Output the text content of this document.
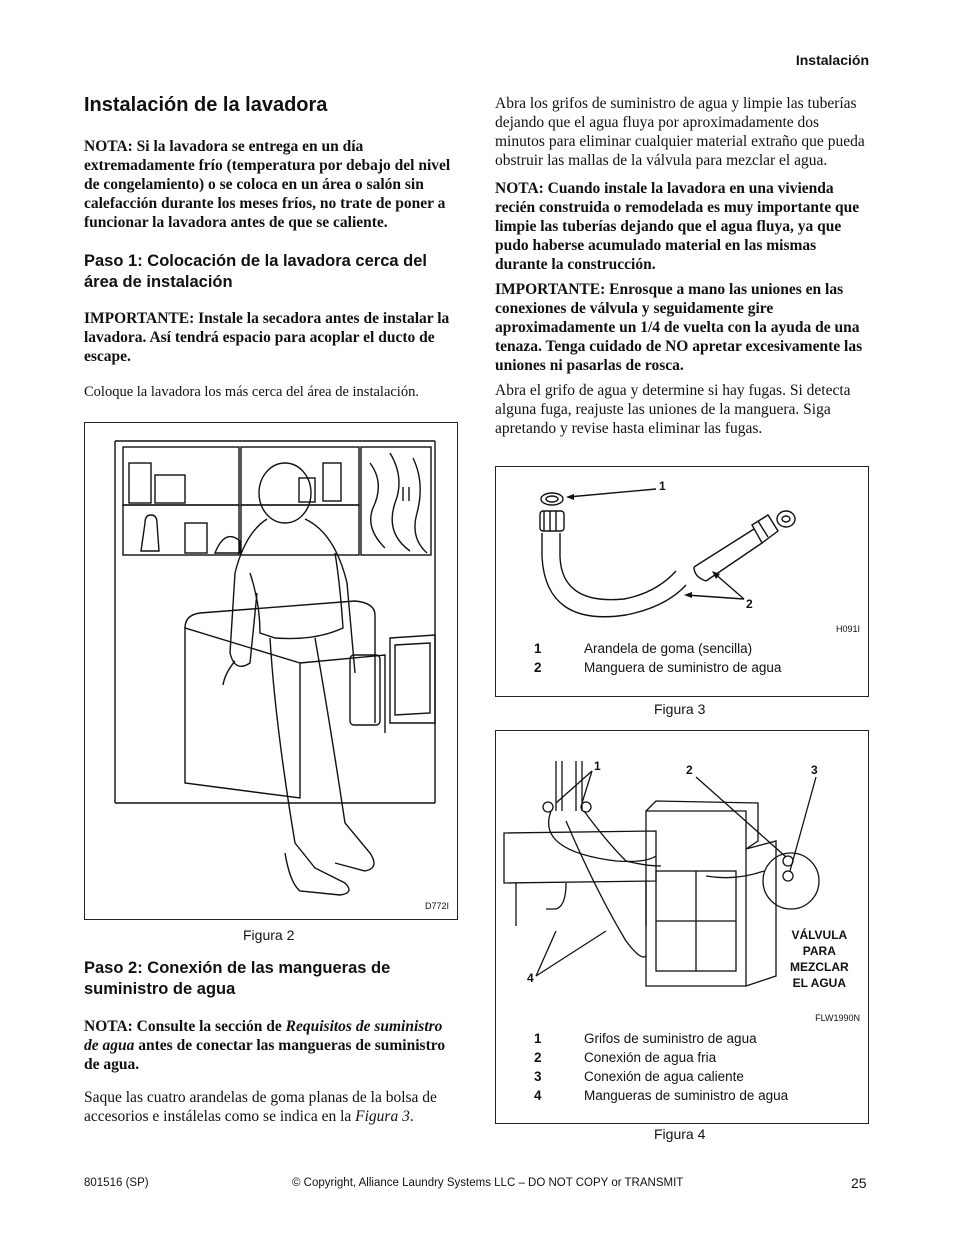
Instalación
Instalación de la lavadora

NOTA: Si la lavadora se entrega en un día extremadamente frío (temperatura por debajo del nivel de congelamiento) o se coloca en un área o salón sin calefacción durante los meses fríos, no trate de poner a funcionar la lavadora antes de que se caliente.

Paso 1: Colocación de la lavadora cerca del área de instalación

IMPORTANTE: Instale la secadora antes de instalar la lavadora. Así tendrá espacio para acoplar el ducto de escape.

Coloque la lavadora los más cerca del área de instalación.

D772I
Figura 2
Paso 2: Conexión de las mangueras de suministro de agua

NOTA: Consulte la sección de Requisitos de suministro de agua antes de conectar las mangueras de suministro de agua.

Saque las cuatro arandelas de goma planas de la bolsa de accesorios e instálelas como se indica en la Figura 3.

Abra los grifos de suministro de agua y limpie las tuberías dejando que el agua fluya por aproximadamente dos minutos para eliminar cualquier material extraño que pueda obstruir las mallas de la válvula para mezclar el agua.

NOTA: Cuando instale la lavadora en una vivienda recién construida o remodelada es muy importante que limpie las tuberías dejando que el agua fluya, ya que pudo haberse acumulado material en las mismas durante la construcción.

IMPORTANTE: Enrosque a mano las uniones en las conexiones de válvula y seguidamente gire aproximadamente un 1/4 de vuelta con la ayuda de una tenaza. Tenga cuidado de NO apretar excesivamente las uniones ni pasarlas de rosca.

Abra el grifo de agua y determine si hay fugas. Si detecta alguna fuga, reajuste las uniones de la manguera. Siga apretando y revise hasta eliminar las fugas.

1
2
H091I
1	Arandela de goma (sencilla)
2	Manguera de suministro de agua
Figura 3
1	2	3
4
VÁLVULA
PARA
MEZCLAR
EL AGUA
FLW1990N
1	Grifos de suministro de agua
2	Conexión de agua fria
3	Conexión de agua caliente
4	Mangueras de suministro de agua
Figura 4
801516 (SP)	© Copyright, Alliance Laundry Systems LLC – DO NOT COPY or TRANSMIT	25
